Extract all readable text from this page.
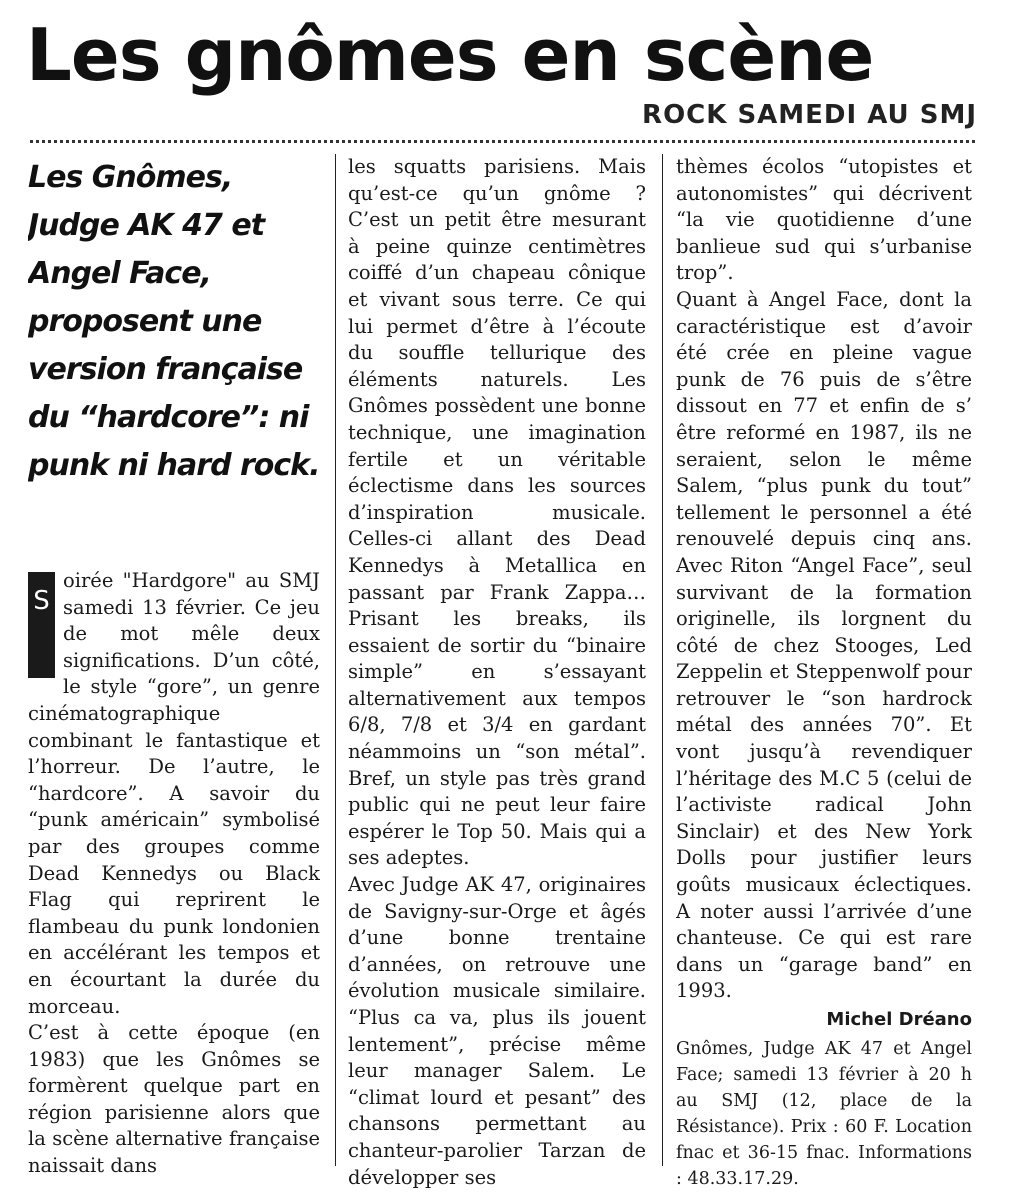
Les gnômes en scène
ROCK SAMEDI AU SMJ

Les Gnômes, Judge AK 47 et Angel Face, proposent une version française du “hardcore”: ni punk ni hard rock.

S
oirée "Hardgore" au SMJ samedi 13 février. Ce jeu de mot mêle deux significations. D’un côté, le style “gore”, un genre cinématographique combinant le fantastique et l’horreur. De l’autre, le “hardcore”. A savoir du “punk américain” symbolisé par des groupes comme Dead Kennedys ou Black Flag qui reprirent le flambeau du punk londonien en accélérant les tempos et en écourtant la durée du morceau.

C’est à cette époque (en 1983) que les Gnômes se formèrent quelque part en région parisienne alors que la scène alternative française naissait dans

les squatts parisiens. Mais qu’est-ce qu’un gnôme ? C’est un petit être mesurant à peine quinze centimètres coiffé d’un chapeau cônique et vivant sous terre. Ce qui lui permet d’être à l’écoute du souffle tellurique des éléments naturels. Les Gnômes possèdent une bonne technique, une imagination fertile et un véritable éclectisme dans les sources d’inspiration musicale. Celles-ci allant des Dead Kennedys à Metallica en passant par Frank Zappa… Prisant les breaks, ils essaient de sortir du “binaire simple” en s’essayant alternativement aux tempos 6/8, 7/8 et 3/4 en gardant néammoins un “son métal”. Bref, un style pas très grand public qui ne peut leur faire espérer le Top 50. Mais qui a ses adeptes.

Avec Judge AK 47, originaires de Savigny-sur-Orge et âgés d’une bonne trentaine d’années, on retrouve une évolution musicale similaire. “Plus ca va, plus ils jouent lentement”, précise même leur manager Salem. Le “climat lourd et pesant” des chansons permettant au chanteur-parolier Tarzan de développer ses

thèmes écolos “utopistes et autonomistes” qui décrivent “la vie quotidienne d’une banlieue sud qui s’urbanise trop”.

Quant à Angel Face, dont la caractéristique est d’avoir été crée en pleine vague punk de 76 puis de s’être dissout en 77 et enfin de s’ être reformé en 1987, ils ne seraient, selon le même Salem, “plus punk du tout” tellement le personnel a été renouvelé depuis cinq ans. Avec Riton “Angel Face”, seul survivant de la formation originelle, ils lorgnent du côté de chez Stooges, Led Zeppelin et Steppenwolf pour retrouver le “son hardrock métal des années 70”. Et vont jusqu’à revendiquer l’héritage des M.C 5 (celui de l’activiste radical John Sinclair) et des New York Dolls pour justifier leurs goûts musicaux éclectiques. A noter aussi l’arrivée d’une chanteuse. Ce qui est rare dans un “garage band” en 1993.

Michel Dréano

Gnômes, Judge AK 47 et Angel Face; samedi 13 février à 20 h au SMJ (12, place de la Résistance). Prix : 60 F. Location fnac et 36-15 fnac. Informations : 48.33.17.29.
